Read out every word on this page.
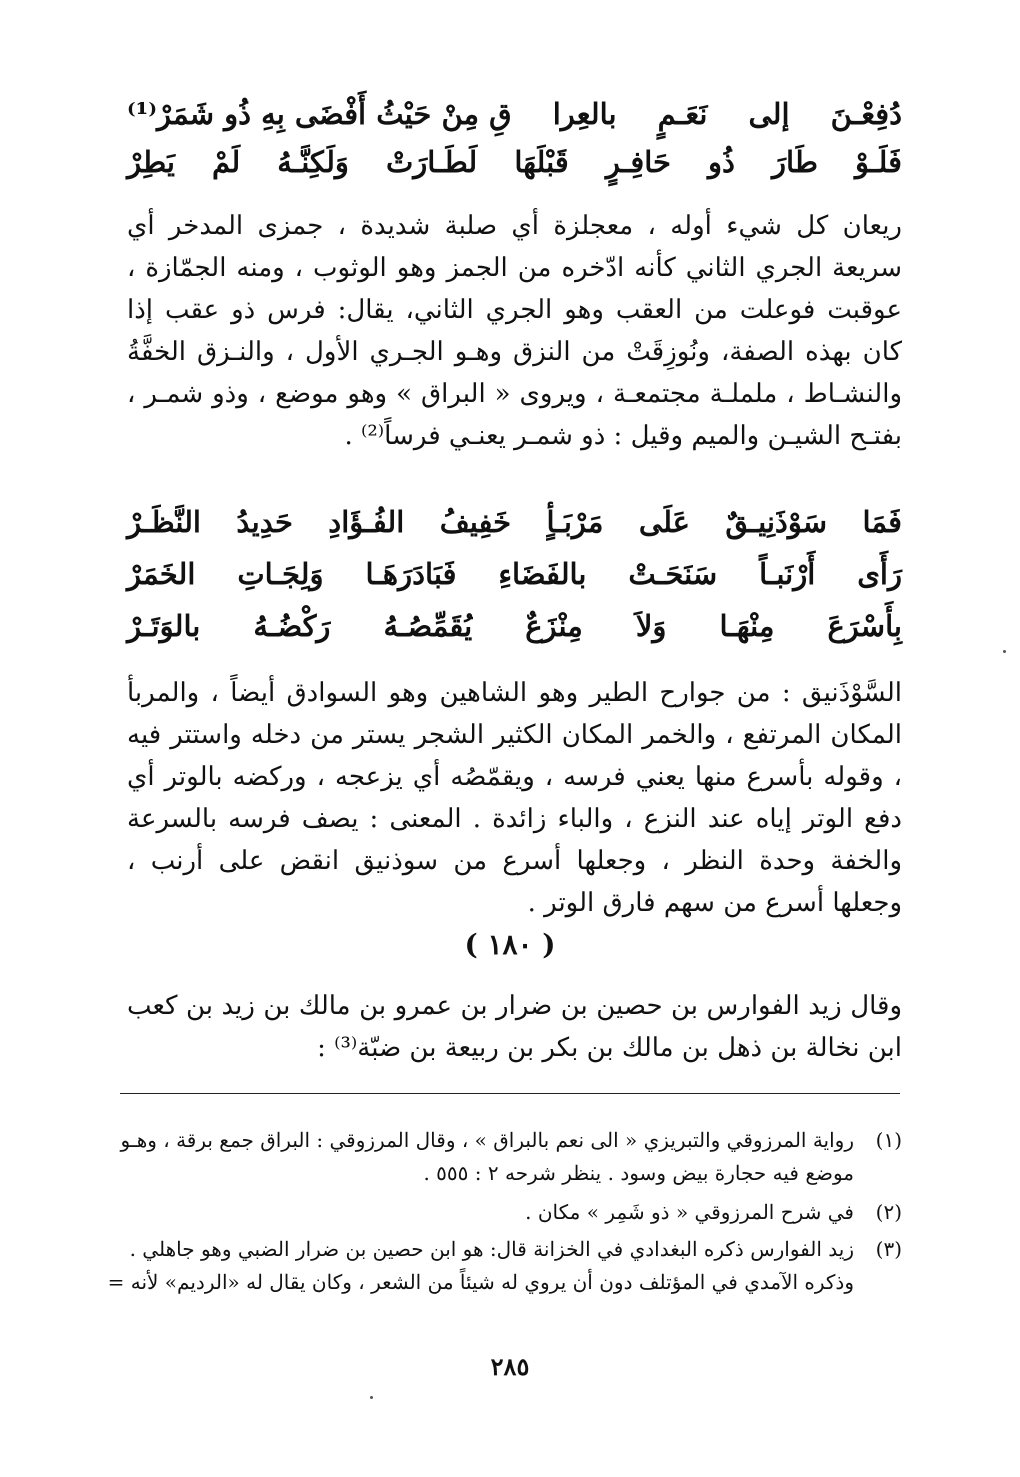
دُفِعْـنَ
إلى
نَعَـمٍ
بالعِرا
قِ مِنْ حَيْثُ أَفْضَى بِهِ ذُو شَمَرْ⁽¹⁾
فَلَـوْ
طَارَ
ذُو
حَافِـرٍ
قَبْلَهَا
لَطَـارَتْ
وَلَكِنَّـهُ
لَمْ
يَطِرْ

ريعان كل شيء أوله ، معجلزة أي صلبة شديدة ، جمزى المدخر أي سريعة الجري الثاني كأنه ادّخره من الجمز وهو الوثوب ، ومنه الجمّازة ، عوقبت فوعلت من العقب وهو الجري الثاني، يقال: فرس ذو عقب إذا كان بهذه الصفة، ونُوزِقَتْ من النزق وهـو الجـري الأول ، والنـزق الخفَّةُ والنشـاط ، ململـة مجتمعـة ، ويروى « البراق » وهو موضع ، وذو شمـر ، بفتـح الشيـن والميم وقيل : ذو شمـر يعنـي فرساً⁽²⁾ .

فَمَا
سَوْذَنِيـقٌ
عَلَى
مَرْبَـأٍ
خَفِيفُ
الفُـؤَادِ
حَدِيدُ
النَّظَـرْ
رَأَى
أَرْنَبـاً
سَنَحَـتْ
بالفَضَاءِ
فَبَادَرَهَـا
وَلِجَـاتِ
الخَمَرْ
بِأَسْرَعَ
مِنْهَـا
وَلاَ
مِنْزَعٌ
يُقَمِّصُـهُ
رَكْضُـهُ
بالوَتَـرْ

السَّوْذَنيق : من جوارح الطير وهو الشاهين وهو السوادق أيضاً ، والمربأ المكان المرتفع ، والخمر المكان الكثير الشجر يستر من دخله واستتر فيه ، وقوله بأسرع منها يعني فرسه ، ويقمّصُه أي يزعجه ، وركضه بالوتر أي دفع الوتر إياه عند النزع ، والباء زائدة . المعنى : يصف فرسه بالسرعة والخفة وحدة النظر ، وجعلها أسرع من سوذنيق انقض على أرنب ، وجعلها أسرع من سهم فارق الوتر .

( ١٨٠ )

وقال زيد الفوارس بن حصين بن ضرار بن عمرو بن مالك بن زيد بن كعب ابن نخالة بن ذهل بن مالك بن بكر بن ربيعة بن ضبّة⁽³⁾ :

(١)
رواية المرزوقي والتبريزي « الى نعم بالبراق » ، وقال المرزوقي : البراق جمع برقة ، وهـو
موضع فيه حجارة بيض وسود . ينظر شرحه ٢ : ٥٥٥ .
(٢)
في شرح المرزوقي « ذو شَمِر » مكان .
(٣)
زيد الفوارس ذكره البغدادي في الخزانة قال: هو ابن حصين بن ضرار الضبي وهو جاهلي .
وذكره الآمدي في المؤتلف دون أن يروي له شيئاً من الشعر ، وكان يقال له «الرديم» لأنه =
٢٨٥
